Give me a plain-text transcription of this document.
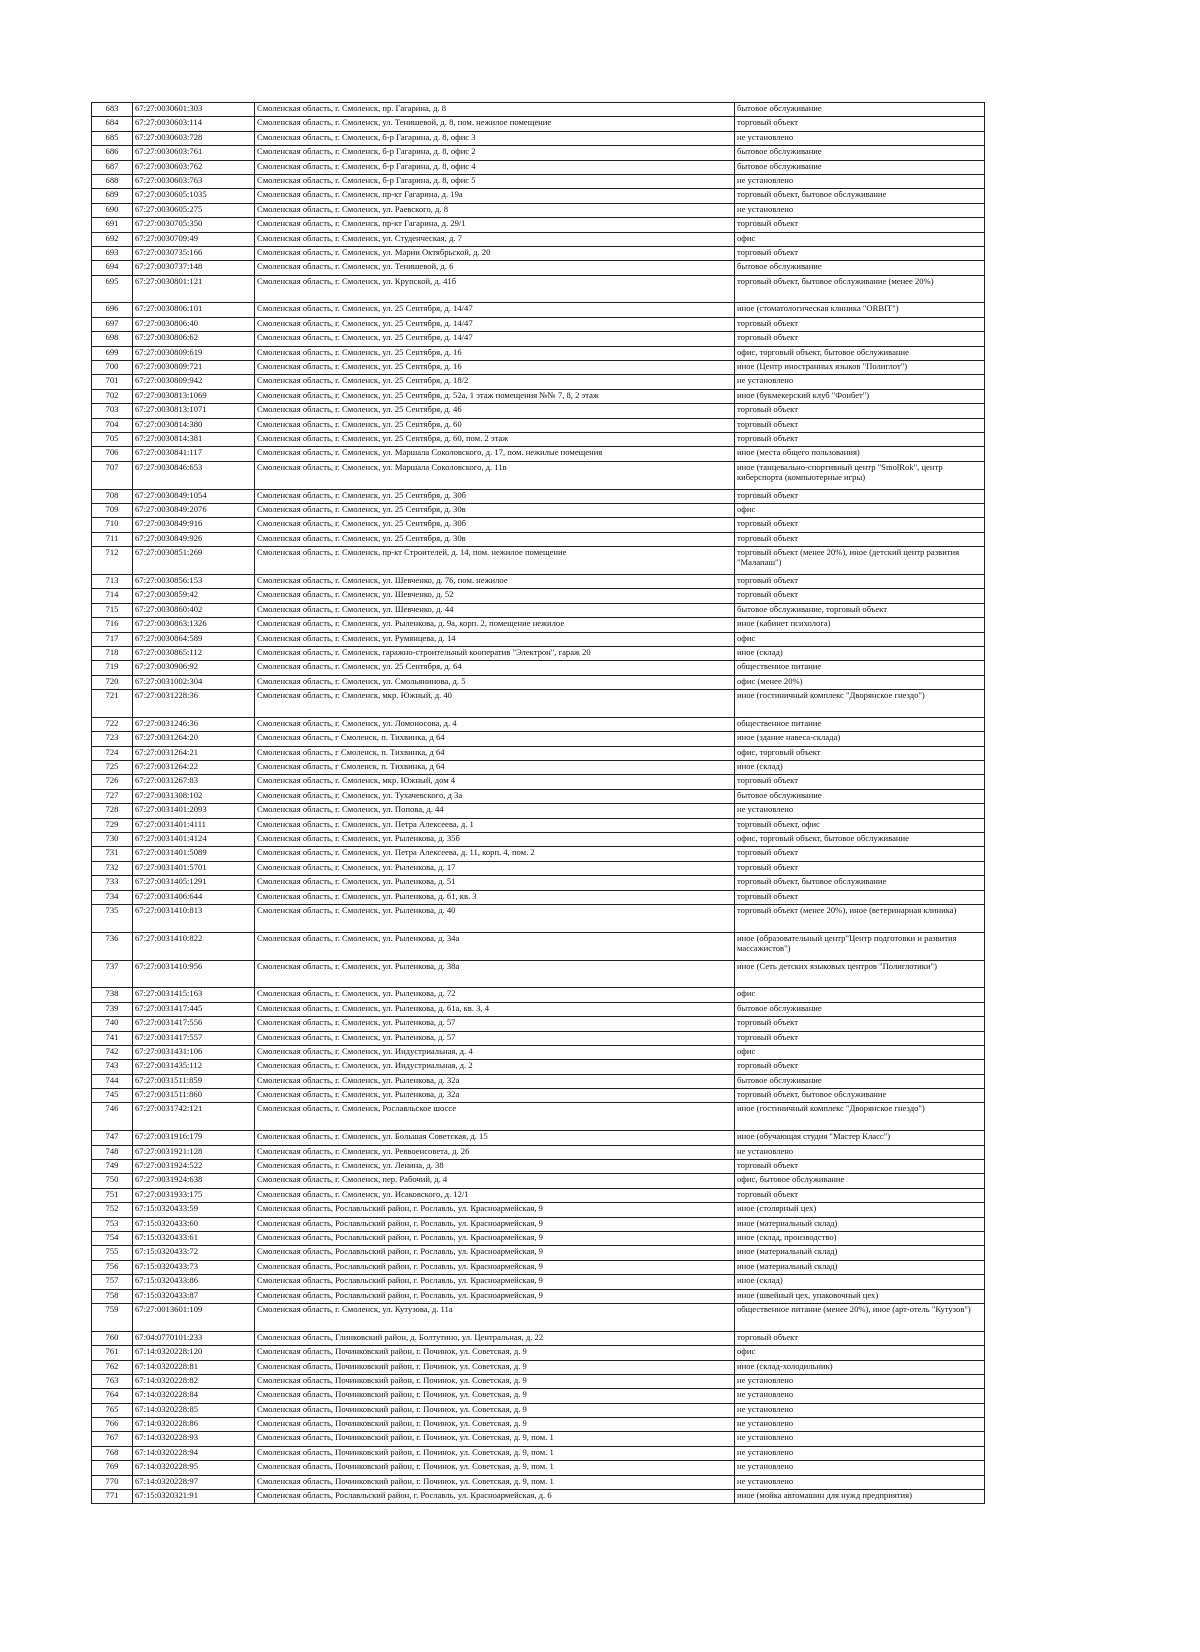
683	67:27:0030601:303	Смоленская область, г. Смоленск, пр. Гагарина, д. 8	бытовое обслуживание
684	67:27:0030603:114	Смоленская область, г. Смоленск, ул. Тенишевой, д. 8, пом. нежилое помещение	торговый объект
685	67:27:0030603:728	Смоленская область, г. Смоленск, б-р Гагарина, д. 8, офис 3	не установлено
686	67:27:0030603:761	Смоленская область, г. Смоленск, б-р Гагарина, д. 8, офис 2	бытовое обслуживание
687	67:27:0030603:762	Смоленская область, г. Смоленск, б-р Гагарина, д. 8, офис 4	бытовое обслуживание
688	67:27:0030603:763	Смоленская область, г. Смоленск, б-р Гагарина, д. 8, офис 5	не установлено
689	67:27:0030605:1035	Смоленская область, г. Смоленск, пр-кт Гагарина, д. 19а	торговый объект, бытовое обслуживание
690	67:27:0030605:275	Смоленская область, г. Смоленск, ул. Раевского, д. 8	не установлено
691	67:27:0030705:350	Смоленская область, г. Смоленск, пр-кт Гагарина, д. 29/1	торговый объект
692	67:27:0030709:49	Смоленская область, г. Смоленск, ул. Студенческая, д. 7	офис
693	67:27:0030735:166	Смоленская область, г. Смоленск, ул. Марии Октябрьской, д. 20	торговый объект
694	67:27:0030737:148	Смоленская область, г. Смоленск, ул. Тенишевой, д. 6	бытовое обслуживание
695	67:27:0030801:121	Смоленская область, г. Смоленск, ул. Крупской, д. 41б	торговый объект, бытовое обслуживание (менее 20%)
696	67:27:0030806:101	Смоленская область, г. Смоленск, ул. 25 Сентября, д. 14/47	иное (стоматологическая клиника "ORBIT")
697	67:27:0030806:40	Смоленская область, г. Смоленск, ул. 25 Сентября, д. 14/47	торговый объект
698	67:27:0030806:62	Смоленская область, г. Смоленск, ул. 25 Сентября, д. 14/47	торговый объект
699	67:27:0030809:619	Смоленская область, г. Смоленск, ул. 25 Сентября, д. 16	офис, торговый объект, бытовое обслуживание
700	67:27:0030809:721	Смоленская область, г. Смоленск, ул. 25 Сентября, д. 16	иное (Центр иностранных языков "Полиглот")
701	67:27:0030809:942	Смоленская область, г. Смоленск, ул. 25 Сентября, д. 18/2	не установлено
702	67:27:0030813:1069	Смоленская область, г. Смоленск, ул. 25 Сентября, д. 52а, 1 этаж помещения №№ 7, 8, 2 этаж	иное (букмекерский клуб "Фонбет")
703	67:27:0030813:1071	Смоленская область, г. Смоленск, ул. 25 Сентября, д. 46	торговый объект
704	67:27:0030814:380	Смоленская область, г. Смоленск, ул. 25 Сентября, д. 60	торговый объект
705	67:27:0030814:381	Смоленская область, г. Смоленск, ул. 25 Сентября, д. 60, пом. 2 этаж	торговый объект
706	67:27:0030841:117	Смоленская область, г. Смоленск, ул. Маршала Соколовского, д. 17, пом. нежилые помещения	иное (места общего пользования)
707	67:27:0030846:653	Смоленская область, г. Смоленск, ул. Маршала Соколовского, д. 11в	иное (танцевально-спортивный центр "SmolRok", центр киберспорта (компьютерные игры)
708	67:27:0030849:1054	Смоленская область, г. Смоленск, ул. 25 Сентября, д. 30б	торговый объект
709	67:27:0030849:2076	Смоленская область, г. Смоленск, ул. 25 Сентября, д. 30в	офис
710	67:27:0030849:916	Смоленская область, г. Смоленск, ул. 25 Сентября, д. 30б	торговый объект
711	67:27:0030849:926	Смоленская область, г. Смоленск, ул. 25 Сентября, д. 30в	торговый объект
712	67:27:0030851:269	Смоленская область, г. Смоленск, пр-кт Строителей, д. 14, пом. нежилое помещение	торговый объект (менее 20%), иное (детский центр развития "Малапаш")
713	67:27:0030856:153	Смоленская область, г. Смоленск, ул. Шевченко, д. 76, пом. нежилое	торговый объект
714	67:27:0030859:42	Смоленская область, г. Смоленск, ул. Шевченко, д. 52	торговый объект
715	67:27:0030860:402	Смоленская область, г. Смоленск, ул. Шевченко, д. 44	бытовое обслуживание, торговый объект
716	67:27:0030863:1326	Смоленская область, г. Смоленск, ул. Рыленкова, д. 9а, корп. 2, помещение нежилое	иное (кабинет психолога)
717	67:27:0030864:589	Смоленская область, г. Смоленск, ул. Румянцева, д. 14	офис
718	67:27:0030865:112	Смоленская область, г. Смоленск, гаражно-строительный кооператив "Электрон", гараж 20	иное (склад)
719	67:27:0030906:92	Смоленская область, г. Смоленск, ул. 25 Сентября, д. 64	общественное питание
720	67:27:0031002:304	Смоленская область, г. Смоленск, ул. Смольянинова, д. 5	офис (менее 20%)
721	67:27:0031228:36	Смоленская область, г. Смоленск, мкр. Южный, д. 40	иное (гостиничный комплекс "Дворянское гнездо")
722	67:27:0031246:36	Смоленская область, г. Смоленск, ул. Ломоносова, д. 4	общественное питание
723	67:27:0031264:20	Смоленская область, г Смоленск, п. Тихвинка, д 64	иное (здание навеса-склада)
724	67:27:0031264:21	Смоленская область, г Смоленск, п. Тихвинка, д 64	офис, торговый объект
725	67:27:0031264:22	Смоленская область, г Смоленск, п. Тихвинка, д 64	иное (склад)
726	67:27:0031267:83	Смоленская область, г. Смоленск, мкр. Южный, дом 4	торговый объект
727	67:27:0031308:102	Смоленская область, г. Смоленск, ул. Тухачевского, д 3а	бытовое обслуживание
728	67:27:0031401:2093	Смоленская область, г. Смоленск, ул. Попова, д. 44	не установлено
729	67:27:0031401:4111	Смоленская область, г. Смоленск, ул. Петра Алексеева, д. 1	торговый объект, офис
730	67:27:0031401:4124	Смоленская область, г. Смоленск, ул. Рыленкова, д. 35б	офис, торговый объект, бытовое обслуживание
731	67:27:0031401:5089	Смоленская область, г. Смоленск, ул. Петра Алексеева, д. 11, корп. 4, пом. 2	торговый объект
732	67:27:0031401:5701	Смоленская область, г. Смоленск, ул. Рыленкова, д. 17	торговый объект
733	67:27:0031405:1291	Смоленская область, г. Смоленск, ул. Рыленкова, д. 51	торговый объект, бытовое обслуживание
734	67:27:0031406:644	Смоленская область, г. Смоленск, ул. Рыленкова, д. 61, кв. 3	торговый объект
735	67:27:0031410:813	Смоленская область, г. Смоленск, ул. Рыленкова, д. 40	торговый объект (менее 20%), иное (ветеринарная клиника)
736	67:27:0031410:822	Смоленская область, г. Смоленск, ул. Рыленкова, д. 34а	иное (образовательный центр"Центр подготовки и развития массажистов")
737	67:27:0031410:956	Смоленская область, г. Смоленск, ул. Рыленкова, д. 38а	иное (Сеть детских языковых центров "Полиглотики")
738	67:27:0031415:163	Смоленская область, г. Смоленск, ул. Рыленкова, д. 72	офис
739	67:27:0031417:445	Смоленская область, г. Смоленск, ул. Рыленкова, д. 61а, кв. 3, 4	бытовое обслуживание
740	67:27:0031417:556	Смоленская область, г. Смоленск, ул. Рыленкова, д. 57	торговый объект
741	67:27:0031417:557	Смоленская область, г. Смоленск, ул. Рыленкова, д. 57	торговый объект
742	67:27:0031431:106	Смоленская область, г. Смоленск, ул. Индустриальная, д. 4	офис
743	67:27:0031435:112	Смоленская область, г. Смоленск, ул. Индустриальная, д. 2	торговый объект
744	67:27:0031511:859	Смоленская область, г. Смоленск, ул. Рыленкова, д. 32а	бытовое обслуживание
745	67:27:0031511:860	Смоленская область, г. Смоленск, ул. Рыленкова, д. 32а	торговый объект, бытовое обслуживание
746	67:27:0031742:121	Смоленская область, г. Смоленск, Рославльское шоссе	иное (гостиничный комплекс "Дворянское гнездо")
747	67:27:0031916:179	Смоленская область, г. Смоленск, ул. Большая Советская, д. 15	иное (обучающая студия "Мастер Класс")
748	67:27:0031921:128	Смоленская область, г. Смоленск, ул. Реввоенсовета, д. 26	не установлено
749	67:27:0031924:522	Смоленская область, г. Смоленск, ул. Ленина, д. 38	торговый объект
750	67:27:0031924:638	Смоленская область, г. Смоленск, пер. Рабочий, д. 4	офис, бытовое обслуживание
751	67:27:0031933:175	Смоленская область, г. Смоленск, ул. Исаковского, д. 12/1	торговый объект
752	67:15:0320433:59	Смоленская область, Рославльский район, г. Рославль, ул. Красноармейская, 9	иное (столярный цех)
753	67:15:0320433:60	Смоленская область, Рославльский район, г. Рославль, ул. Красноармейская, 9	иное (материальный склад)
754	67:15:0320433:61	Смоленская область, Рославльский район, г. Рославль, ул. Красноармейская, 9	иное (склад, производство)
755	67:15:0320433:72	Смоленская область, Рославльский район, г. Рославль, ул. Красноармейская, 9	иное (материальный склад)
756	67:15:0320433:73	Смоленская область, Рославльский район, г. Рославль, ул. Красноармейская, 9	иное (материальный склад)
757	67:15:0320433:86	Смоленская область, Рославльский район, г. Рославль, ул. Красноармейская, 9	иное (склад)
758	67:15:0320433:87	Смоленская область, Рославльский район, г. Рославль, ул. Красноармейская, 9	иное (швейный цех, упаковочный цех)
759	67:27:0013601:109	Смоленская область, г. Смоленск, ул. Кутузова, д. 11а	общественное питание (менее 20%), иное (арт-отель "Кутузов")
760	67:04:0770101:233	Смоленская область, Глинковский район, д. Болтутино, ул. Центральная, д. 22	торговый объект
761	67:14:0320228:120	Смоленская область, Починковский район, г. Починок, ул. Советская, д. 9	офис
762	67:14:0320228:81	Смоленская область, Починковский район, г. Починок, ул. Советская, д. 9	иное (склад-холодильник)
763	67:14:0320228:82	Смоленская область, Починковский район, г. Починок, ул. Советская, д. 9	не установлено
764	67:14:0320228:84	Смоленская область, Починковский район, г. Починок, ул. Советская, д. 9	не установлено
765	67:14:0320228:85	Смоленская область, Починковский район, г. Починок, ул. Советская, д. 9	не установлено
766	67:14:0320228:86	Смоленская область, Починковский район, г. Починок, ул. Советская, д. 9	не установлено
767	67:14:0320228:93	Смоленская область, Починковский район, г. Починок, ул. Советская, д. 9, пом. 1	не установлено
768	67:14:0320228:94	Смоленская область, Починковский район, г. Починок, ул. Советская, д. 9, пом. 1	не установлено
769	67:14:0320228:95	Смоленская область, Починковский район, г. Починок, ул. Советская, д. 9, пом. 1	не установлено
770	67:14:0320228:97	Смоленская область, Починковский район, г. Починок, ул. Советская, д. 9, пом. 1	не установлено
771	67:15:0320321:91	Смоленская область, Рославльский район, г. Рославль, ул. Красноармейская, д. 6	иное (мойка автомашин для нужд предприятия)
